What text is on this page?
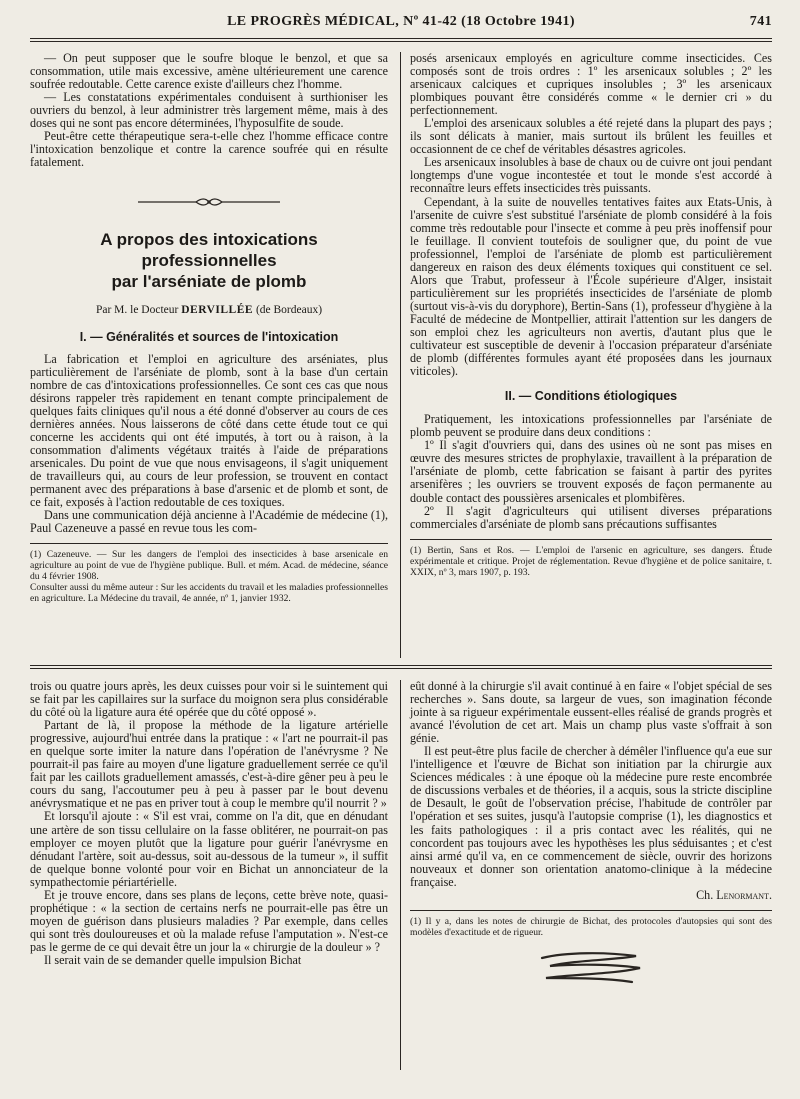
LE PROGRÈS MÉDICAL, Nº 41-42 (18 Octobre 1941)	741

— On peut supposer que le soufre bloque le benzol, et que sa consommation, utile mais excessive, amène ultérieurement une carence soufrée redoutable. Cette carence existe d'ailleurs chez l'homme.

— Les constatations expérimentales conduisent à surthioniser les ouvriers du benzol, à leur administrer très largement même, mais à des doses qui ne sont pas encore déterminées, l'hyposulfite de soude.

Peut-être cette thérapeutique sera-t-elle chez l'homme efficace contre l'intoxication benzolique et contre la carence soufrée qui en résulte fatalement.

A propos des intoxications
professionnelles
par l'arséniate de plomb
Par M. le Docteur DERVILLÉE (de Bordeaux)
I. — Généralités et sources de l'intoxication

La fabrication et l'emploi en agriculture des arséniates, plus particulièrement de l'arséniate de plomb, sont à la base d'un certain nombre de cas d'intoxications professionnelles. Ce sont ces cas que nous désirons rappeler très rapidement en tenant compte principalement de quelques faits cliniques qu'il nous a été donné d'observer au cours de ces dernières années. Nous laisserons de côté dans cette étude tout ce qui concerne les accidents qui ont été imputés, à tort ou à raison, à la consommation d'aliments végétaux traités à l'aide de préparations arsenicales. Du point de vue que nous envisageons, il s'agit uniquement de travailleurs qui, au cours de leur profession, se trouvent en contact permanent avec des préparations à base d'arsenic et de plomb et sont, de ce fait, exposés à l'action redoutable de ces toxiques.

Dans une communication déjà ancienne à l'Académie de médecine (1), Paul Cazeneuve a passé en revue tous les com-

(1) Cazeneuve. — Sur les dangers de l'emploi des insecticides à base arsenicale en agriculture au point de vue de l'hygiène publique. Bull. et mém. Acad. de médecine, séance du 4 février 1908.

Consulter aussi du même auteur : Sur les accidents du travail et les maladies professionnelles en agriculture. La Médecine du travail, 4e année, nº 1, janvier 1932.

posés arsenicaux employés en agriculture comme insecticides. Ces composés sont de trois ordres : 1º les arsenicaux solubles ; 2º les arsenicaux calciques et cupriques insolubles ; 3º les arsenicaux plombiques pouvant être considérés comme « le dernier cri » du perfectionnement.

L'emploi des arsenicaux solubles a été rejeté dans la plupart des pays ; ils sont délicats à manier, mais surtout ils brûlent les feuilles et occasionnent de ce chef de véritables désastres agricoles.

Les arsenicaux insolubles à base de chaux ou de cuivre ont joui pendant longtemps d'une vogue incontestée et tout le monde s'est accordé à reconnaître leurs effets insecticides très puissants.

Cependant, à la suite de nouvelles tentatives faites aux Etats-Unis, à l'arsenite de cuivre s'est substitué l'arséniate de plomb considéré à la fois comme très redoutable pour l'insecte et comme à peu près inoffensif pour le feuillage. Il convient toutefois de souligner que, du point de vue professionnel, l'emploi de l'arséniate de plomb est particulièrement dangereux en raison des deux éléments toxiques qui constituent ce sel. Alors que Trabut, professeur à l'École supérieure d'Alger, insistait particulièrement sur les propriétés insecticides de l'arséniate de plomb (surtout vis-à-vis du doryphore), Bertin-Sans (1), professeur d'hygiène à la Faculté de médecine de Montpellier, attirait l'attention sur les dangers de son emploi chez les agriculteurs non avertis, d'autant plus que le cultivateur est susceptible de devenir à l'occasion préparateur d'arséniate de plomb (différentes formules ayant été proposées dans les journaux viticoles).

II. — Conditions étiologiques

Pratiquement, les intoxications professionnelles par l'arséniate de plomb peuvent se produire dans deux conditions :

1º Il s'agit d'ouvriers qui, dans des usines où ne sont pas mises en œuvre des mesures strictes de prophylaxie, travaillent à la préparation de l'arséniate de plomb, cette fabrication se faisant à partir des pyrites arsenifères ; les ouvriers se trouvent exposés de façon permanente au double contact des poussières arsenicales et plombifères.

2º Il s'agit d'agriculteurs qui utilisent diverses préparations commerciales d'arséniate de plomb sans précautions suffisantes

(1) Bertin, Sans et Ros. — L'emploi de l'arsenic en agriculture, ses dangers. Étude expérimentale et critique. Projet de réglementation. Revue d'hygiène et de police sanitaire, t. XXIX, nº 3, mars 1907, p. 193.

trois ou quatre jours après, les deux cuisses pour voir si le suintement qui se fait par les capillaires sur la surface du moignon sera plus considérable du côté où la ligature aura été opérée que du côté opposé ».

Partant de là, il propose la méthode de la ligature artérielle progressive, aujourd'hui entrée dans la pratique : « l'art ne pourrait-il pas en quelque sorte imiter la nature dans l'opération de l'anévrysme ? Ne pourrait-il pas faire au moyen d'une ligature graduellement serrée ce qu'il fait par les caillots graduellement amassés, c'est-à-dire gêner peu à peu le cours du sang, l'accoutumer peu à peu à passer par le bout devenu anévrysmatique et ne pas en priver tout à coup le membre qu'il nourrit ? »

Et lorsqu'il ajoute : « S'il est vrai, comme on l'a dit, que en dénudant une artère de son tissu cellulaire on la fasse oblitérer, ne pourrait-on pas employer ce moyen plutôt que la ligature pour guérir l'anévrysme en dénudant l'artère, soit au-dessus, soit au-dessous de la tumeur », il suffit de quelque bonne volonté pour voir en Bichat un annonciateur de la sympathectomie périartérielle.

Et je trouve encore, dans ses plans de leçons, cette brève note, quasi-prophétique : « la section de certains nerfs ne pourrait-elle pas être un moyen de guérison dans plusieurs maladies ? Par exemple, dans celles qui sont très douloureuses et où la malade refuse l'amputation ». N'est-ce pas le germe de ce qui devait être un jour la « chirurgie de la douleur » ?

Il serait vain de se demander quelle impulsion Bichat

eût donné à la chirurgie s'il avait continué à en faire « l'objet spécial de ses recherches ». Sans doute, sa largeur de vues, son imagination féconde jointe à sa rigueur expérimentale eussent-elles réalisé de grands progrès et avancé l'évolution de cet art. Mais un champ plus vaste s'offrait à son génie.

Il est peut-être plus facile de chercher à démêler l'influence qu'a eue sur l'intelligence et l'œuvre de Bichat son initiation par la chirurgie aux Sciences médicales : à une époque où la médecine pure reste encombrée de discussions verbales et de théories, il a acquis, sous la stricte discipline de Desault, le goût de l'observation précise, l'habitude de contrôler par l'opération et ses suites, jusqu'à l'autopsie comprise (1), les diagnostics et les faits pathologiques : il a pris contact avec les réalités, qui ne concordent pas toujours avec les hypothèses les plus séduisantes ; et c'est ainsi armé qu'il va, en ce commencement de siècle, ouvrir des horizons nouveaux et donner son orientation anatomo-clinique à la médecine française.

Ch. Lenormant.

(1) Il y a, dans les notes de chirurgie de Bichat, des protocoles d'autopsies qui sont des modèles d'exactitude et de rigueur.
